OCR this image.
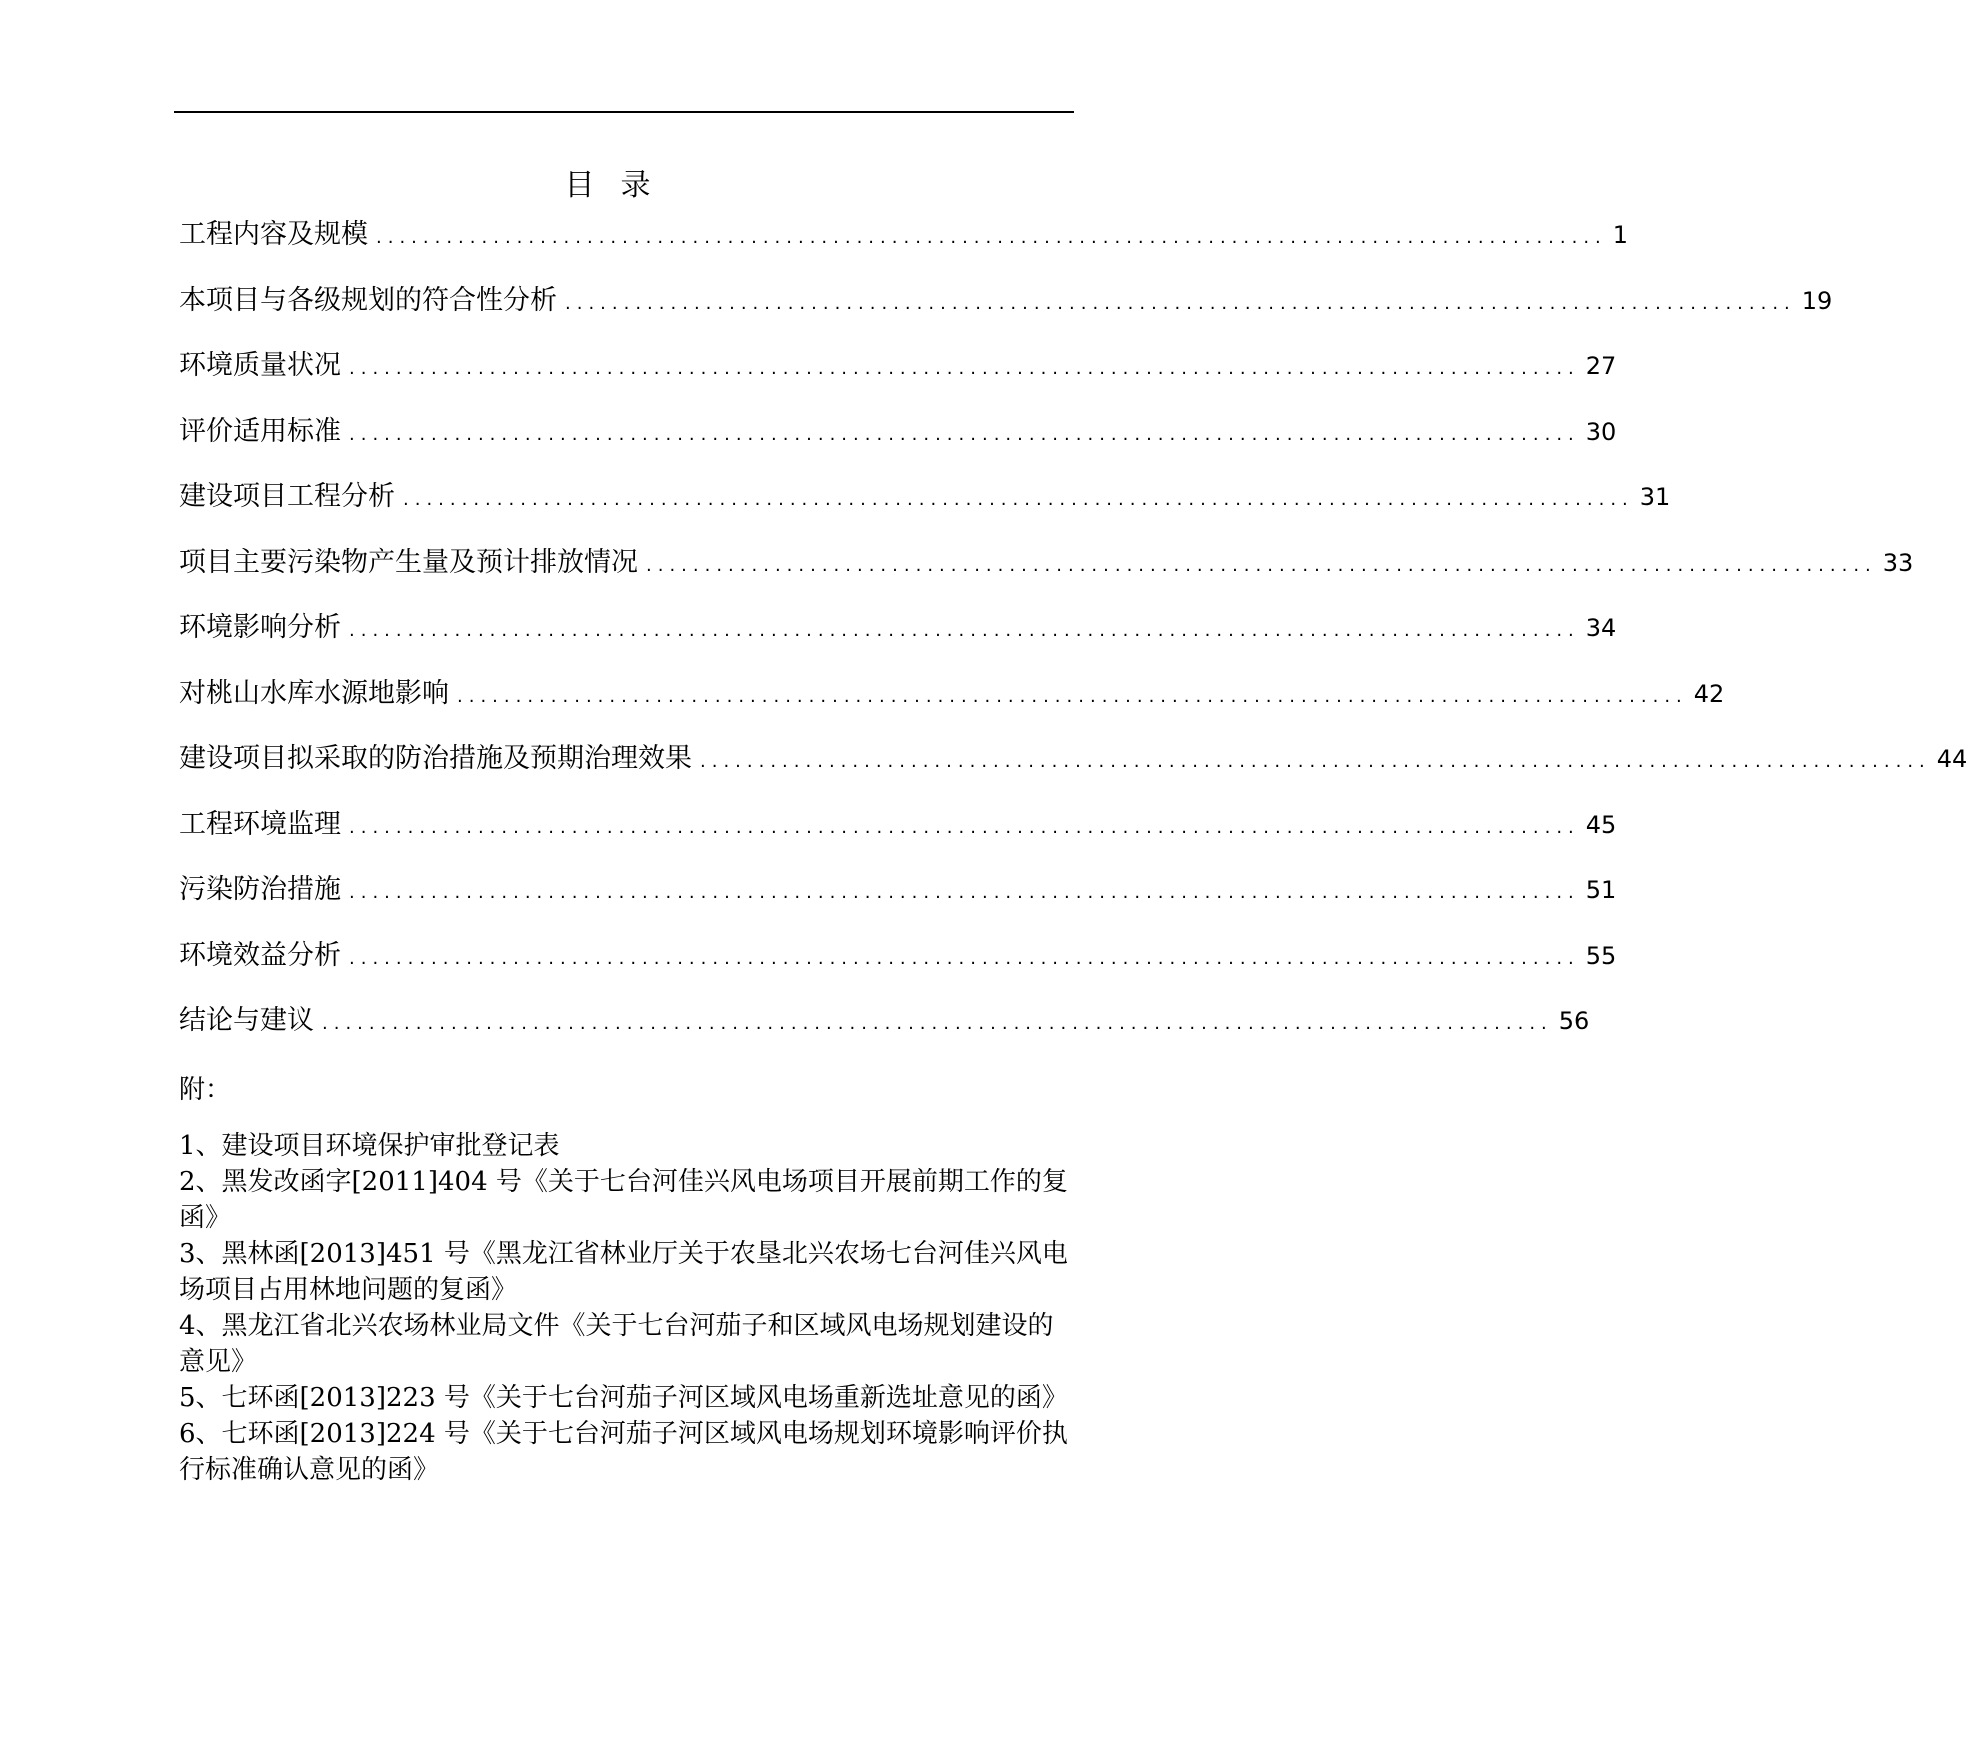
目录
工程内容及规模 ......................................................................................................... 1
本项目与各级规划的符合性分析 ......................................................................................................... 19
环境质量状况 ......................................................................................................... 27
评价适用标准 ......................................................................................................... 30
建设项目工程分析 ......................................................................................................... 31
项目主要污染物产生量及预计排放情况 ......................................................................................................... 33
环境影响分析 ......................................................................................................... 34
对桃山水库水源地影响 ......................................................................................................... 42
建设项目拟采取的防治措施及预期治理效果 ......................................................................................................... 44
工程环境监理 ......................................................................................................... 45
污染防治措施 ......................................................................................................... 51
环境效益分析 ......................................................................................................... 55
结论与建议 ......................................................................................................... 56

附：

1、建设项目环境保护审批登记表

2、黑发改函字[2011]404 号《关于七台河佳兴风电场项目开展前期工作的复函》

3、黑林函[2013]451 号《黑龙江省林业厅关于农垦北兴农场七台河佳兴风电场项目占用林地问题的复函》

4、黑龙江省北兴农场林业局文件《关于七台河茄子和区域风电场规划建设的意见》

5、七环函[2013]223 号《关于七台河茄子河区域风电场重新选址意见的函》

6、七环函[2013]224 号《关于七台河茄子河区域风电场规划环境影响评价执行标准确认意见的函》
